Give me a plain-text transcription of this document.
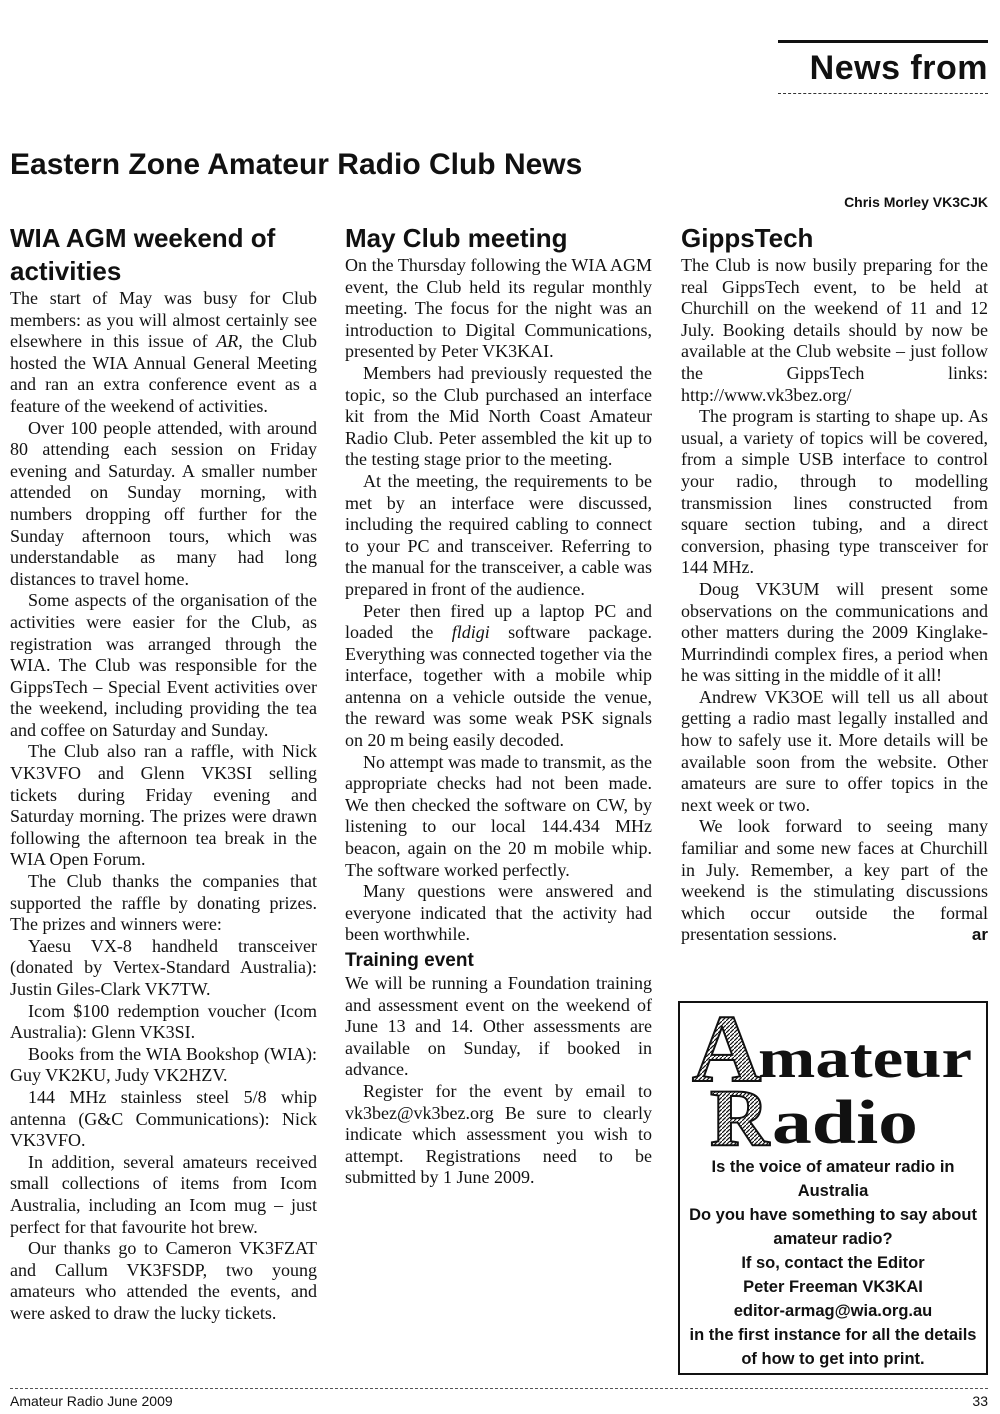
News from
Eastern Zone Amateur Radio Club News
Chris Morley VK3CJK
WIA AGM weekend of activities

The start of May was busy for Club members: as you will almost certainly see elsewhere in this issue of AR, the Club hosted the WIA Annual General Meeting and ran an extra conference event as a feature of the weekend of activities.

Over 100 people attended, with around 80 attending each session on Friday evening and Saturday. A smaller number attended on Sunday morning, with numbers dropping off further for the Sunday afternoon tours, which was understandable as many had long distances to travel home.

Some aspects of the organisation of the activities were easier for the Club, as registration was arranged through the WIA. The Club was responsible for the GippsTech – Special Event activities over the weekend, including providing the tea and coffee on Saturday and Sunday.

The Club also ran a raffle, with Nick VK3VFO and Glenn VK3SI selling tickets during Friday evening and Saturday morning. The prizes were drawn following the afternoon tea break in the WIA Open Forum.

The Club thanks the companies that supported the raffle by donating prizes. The prizes and winners were:

Yaesu VX-8 handheld transceiver (donated by Vertex-Standard Australia): Justin Giles-Clark VK7TW.

Icom $100 redemption voucher (Icom Australia): Glenn VK3SI.

Books from the WIA Bookshop (WIA): Guy VK2KU, Judy VK2HZV.

144 MHz stainless steel 5/8 whip antenna (G&C Communications): Nick VK3VFO.

In addition, several amateurs received small collections of items from Icom Australia, including an Icom mug – just perfect for that favourite hot brew.

Our thanks go to Cameron VK3FZAT and Callum VK3FSDP, two young amateurs who attended the events, and were asked to draw the lucky tickets.

May Club meeting

On the Thursday following the WIA AGM event, the Club held its regular monthly meeting. The focus for the night was an introduction to Digital Communications, presented by Peter VK3KAI.

Members had previously requested the topic, so the Club purchased an interface kit from the Mid North Coast Amateur Radio Club. Peter assembled the kit up to the testing stage prior to the meeting.

At the meeting, the requirements to be met by an interface were discussed, including the required cabling to connect to your PC and transceiver. Referring to the manual for the transceiver, a cable was prepared in front of the audience.

Peter then fired up a laptop PC and loaded the fldigi software package. Everything was connected together via the interface, together with a mobile whip antenna on a vehicle outside the venue, the reward was some weak PSK signals on 20 m being easily decoded.

No attempt was made to transmit, as the appropriate checks had not been made. We then checked the software on CW, by listening to our local 144.434 MHz beacon, again on the 20 m mobile whip. The software worked perfectly.

Many questions were answered and everyone indicated that the activity had been worthwhile.

Training event

We will be running a Foundation training and assessment event on the weekend of June 13 and 14. Other assessments are available on Sunday, if booked in advance.

Register for the event by email to vk3bez@vk3bez.org Be sure to clearly indicate which assessment you wish to attempt. Registrations need to be submitted by 1 June 2009.

GippsTech

The Club is now busily preparing for the real GippsTech event, to be held at Churchill on the weekend of 11 and 12 July. Booking details should by now be available at the Club website – just follow the GippsTech links: http://www.vk3bez.org/

The program is starting to shape up. As usual, a variety of topics will be covered, from a simple USB interface to control your radio, through to modelling transmission lines constructed from square section tubing, and a direct conversion, phasing type transceiver for 144 MHz.

Doug VK3UM will present some observations on the communications and other matters during the 2009 Kinglake-Murrindindi complex fires, a period when he was sitting in the middle of it all!

Andrew VK3OE will tell us all about getting a radio mast legally installed and how to safely use it. More details will be available soon from the website. Other amateurs are sure to offer topics in the next week or two.

We look forward to seeing many familiar and some new faces at Churchill in July. Remember, a key part of the weekend is the stimulating discussions which occur outside the formal presentation sessions.	ar

A
mateur
R adio
Is the voice of amateur radio in Australia
Do you have something to say about amateur radio?
If so, contact the Editor
Peter Freeman VK3KAI
editor-armag@wia.org.au
in the first instance for all the details of how to get into print.
Amateur Radio June 2009	33
